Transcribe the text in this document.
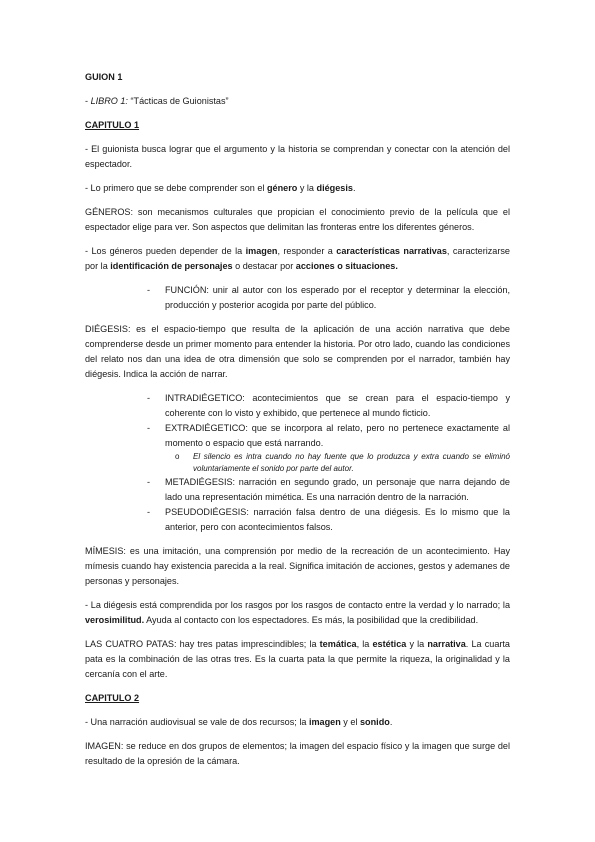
GUION 1

- LIBRO 1: “Tácticas de Guionistas”

CAPITULO 1

- El guionista busca lograr que el argumento y la historia se comprendan y conectar con la atención del espectador.

- Lo primero que se debe comprender son el género y la diégesis.

GÉNEROS: son mecanismos culturales que propician el conocimiento previo de la película que el espectador elige para ver. Son aspectos que delimitan las fronteras entre los diferentes géneros.

- Los géneros pueden depender de la imagen, responder a características narrativas, caracterizarse por la identificación de personajes o destacar por acciones o situaciones.

- FUNCIÓN: unir al autor con los esperado por el receptor y determinar la elección, producción y posterior acogida por parte del público.

DIÉGESIS: es el espacio-tiempo que resulta de la aplicación de una acción narrativa que debe comprenderse desde un primer momento para entender la historia. Por otro lado, cuando las condiciones del relato nos dan una idea de otra dimensión que solo se comprenden por el narrador, también hay diégesis. Indica la acción de narrar.

- INTRADIÉGETICO: acontecimientos que se crean para el espacio-tiempo y coherente con lo visto y exhibido, que pertenece al mundo ficticio.
- EXTRADIÉGETICO: que se incorpora al relato, pero no pertenece exactamente al momento o espacio que está narrando.
o El silencio es intra cuando no hay fuente que lo produzca y extra cuando se eliminó voluntariamente el sonido por parte del autor.
- METADIÉGESIS: narración en segundo grado, un personaje que narra dejando de lado una representación mimética. Es una narración dentro de la narración.
- PSEUDODIÉGESIS: narración falsa dentro de una diégesis. Es lo mismo que la anterior, pero con acontecimientos falsos.

MÍMESIS: es una imitación, una comprensión por medio de la recreación de un acontecimiento. Hay mímesis cuando hay existencia parecida a la real. Significa imitación de acciones, gestos y ademanes de personas y personajes.

- La diégesis está comprendida por los rasgos por los rasgos de contacto entre la verdad y lo narrado; la verosimilitud. Ayuda al contacto con los espectadores. Es más, la posibilidad que la credibilidad.

LAS CUATRO PATAS: hay tres patas imprescindibles; la temática, la estética y la narrativa. La cuarta pata es la combinación de las otras tres. Es la cuarta pata la que permite la riqueza, la originalidad y la cercanía con el arte.

CAPITULO 2

- Una narración audiovisual se vale de dos recursos; la imagen y el sonido.

IMAGEN: se reduce en dos grupos de elementos; la imagen del espacio físico y la imagen que surge del resultado de la opresión de la cámara.
